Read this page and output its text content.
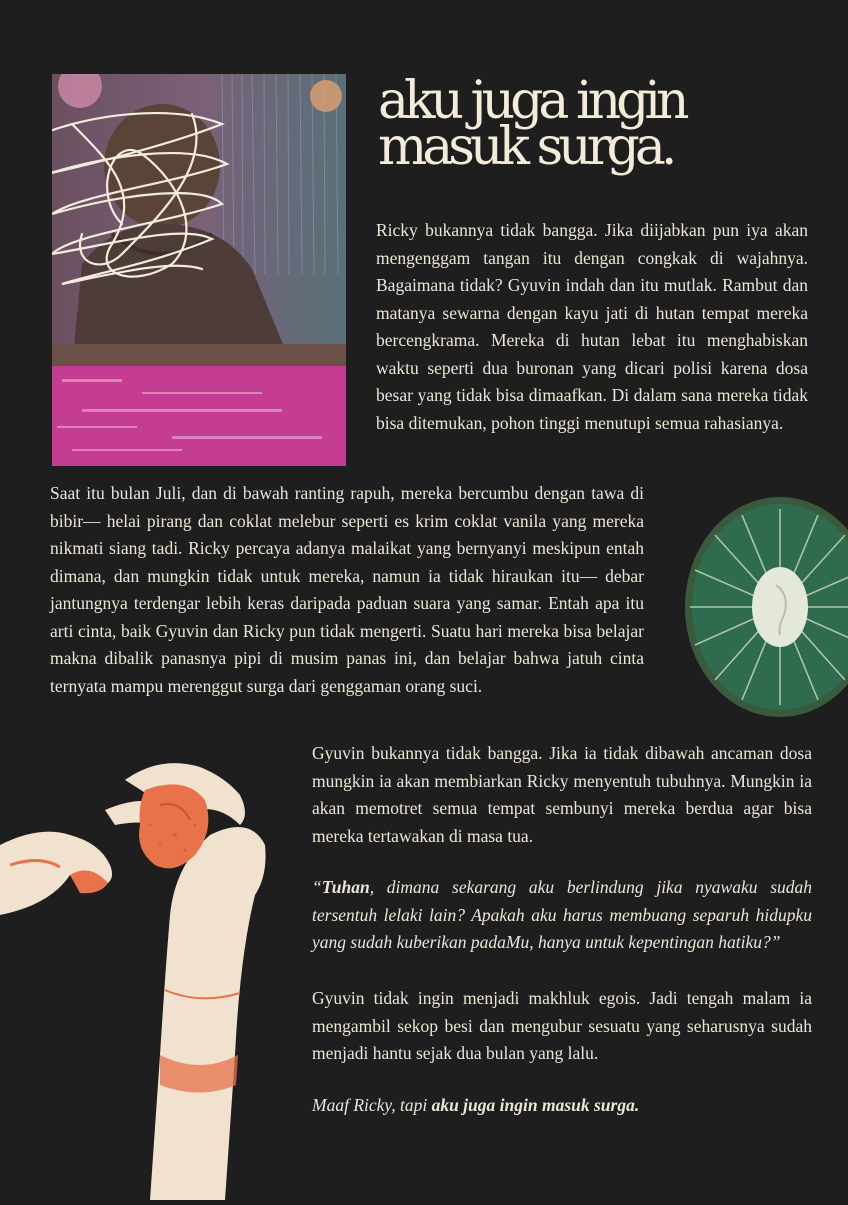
aku juga ingin masuk surga.

Ricky bukannya tidak bangga. Jika diijabkan pun iya akan mengenggam tangan itu dengan congkak di wajahnya. Bagaimana tidak? Gyuvin indah dan itu mutlak. Rambut dan matanya sewarna dengan kayu jati di hutan tempat mereka bercengkrama. Mereka di hutan lebat itu menghabiskan waktu seperti dua buronan yang dicari polisi karena dosa besar yang tidak bisa dimaafkan. Di dalam sana mereka tidak bisa ditemukan, pohon tinggi menutupi semua rahasianya.

Saat itu bulan Juli, dan di bawah ranting rapuh, mereka bercumbu dengan tawa di bibir— helai pirang dan coklat melebur seperti es krim coklat vanila yang mereka nikmati siang tadi. Ricky percaya adanya malaikat yang bernyanyi meskipun entah dimana, dan mungkin tidak untuk mereka, namun ia tidak hiraukan itu— debar jantungnya terdengar lebih keras daripada paduan suara yang samar. Entah apa itu arti cinta, baik Gyuvin dan Ricky pun tidak mengerti. Suatu hari mereka bisa belajar makna dibalik panasnya pipi di musim panas ini, dan belajar bahwa jatuh cinta ternyata mampu merenggut surga dari genggaman orang suci.

Gyuvin bukannya tidak bangga. Jika ia tidak dibawah ancaman dosa mungkin ia akan membiarkan Ricky menyentuh tubuhnya. Mungkin ia akan memotret semua tempat sembunyi mereka berdua agar bisa mereka tertawakan di masa tua.

“Tuhan, dimana sekarang aku berlindung jika nyawaku sudah tersentuh lelaki lain? Apakah aku harus membuang separuh hidupku yang sudah kuberikan padaMu, hanya untuk kepentingan hatiku?”

Gyuvin tidak ingin menjadi makhluk egois. Jadi tengah malam ia mengambil sekop besi dan mengubur sesuatu yang seharusnya sudah menjadi hantu sejak dua bulan yang lalu.

Maaf Ricky, tapi aku juga ingin masuk surga.
